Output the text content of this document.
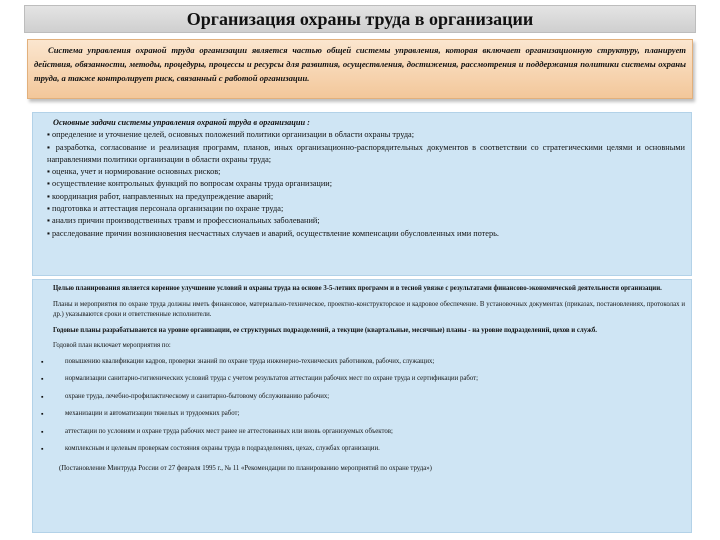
Организация охраны труда в организации
Система управления охраной труда организации является частью общей системы управления, которая включает организационную структуру, планирует действия, обязанности, методы, процедуры, процессы и ресурсы для развития, осуществления, достижения, рассмотрения и поддержания политики системы охраны труда, а также контролирует риск, связанный с работой организации.
Основные задачи системы управления охраной труда в организации :
▪ определение и уточнение целей, основных положений политики организации в области охраны труда;
▪ разработка, согласование и реализация программ, планов, иных организационно-распорядительных документов в соответствии со стратегическими целями и основными направлениями политики организации в области охраны труда;
▪ оценка, учет и нормирование основных рисков;
▪ осуществление контрольных функций по вопросам охраны труда организации;
▪ координация работ, направленных на предупреждение аварий;
▪ подготовка и аттестация персонала организации по охране труда;
▪ анализ причин производственных травм и профессиональных заболеваний;
▪ расследование причин возникновения несчастных случаев и аварий, осуществление компенсации обусловленных ими потерь.

Целью планирования является коренное улучшение условий и охраны труда на основе 3-5-летних программ и в тесной увязке с результатами финансово-экономической деятельности организации.

Планы и мероприятия по охране труда должны иметь финансовое, материально-техническое, проектно-конструкторское и кадровое обеспечение. В установочных документах (приказах, постановлениях, протоколах и др.) указываются сроки и ответственные исполнители.

Годовые планы разрабатываются на уровне организации, ее структурных подразделений, а текущие (квартальные, месячные) планы - на уровне подразделений, цехов и служб.

Годовой план включает мероприятия по:

▪	повышению квалификации кадров, проверки знаний по охране труда инженерно-технических работников, рабочих, служащих;
▪	нормализации санитарно-гигиенических условий труда с учетом результатов аттестации рабочих мест по охране труда и сертификации работ;
▪	охране труда, лечебно-профилактическому и санитарно-бытовому обслуживанию рабочих;
▪	механизации и автоматизации тяжелых и трудоемких работ;
▪	аттестации по условиям и охране труда рабочих мест ранее не аттестованных или вновь организуемых объектов;
▪	комплексным и целевым проверкам состояния охраны труда в подразделениях, цехах, службах организации.

(Постановление Минтруда России от 27 февраля 1995 г., № 11 «Рекомендации по планированию мероприятий по охране труда»)
